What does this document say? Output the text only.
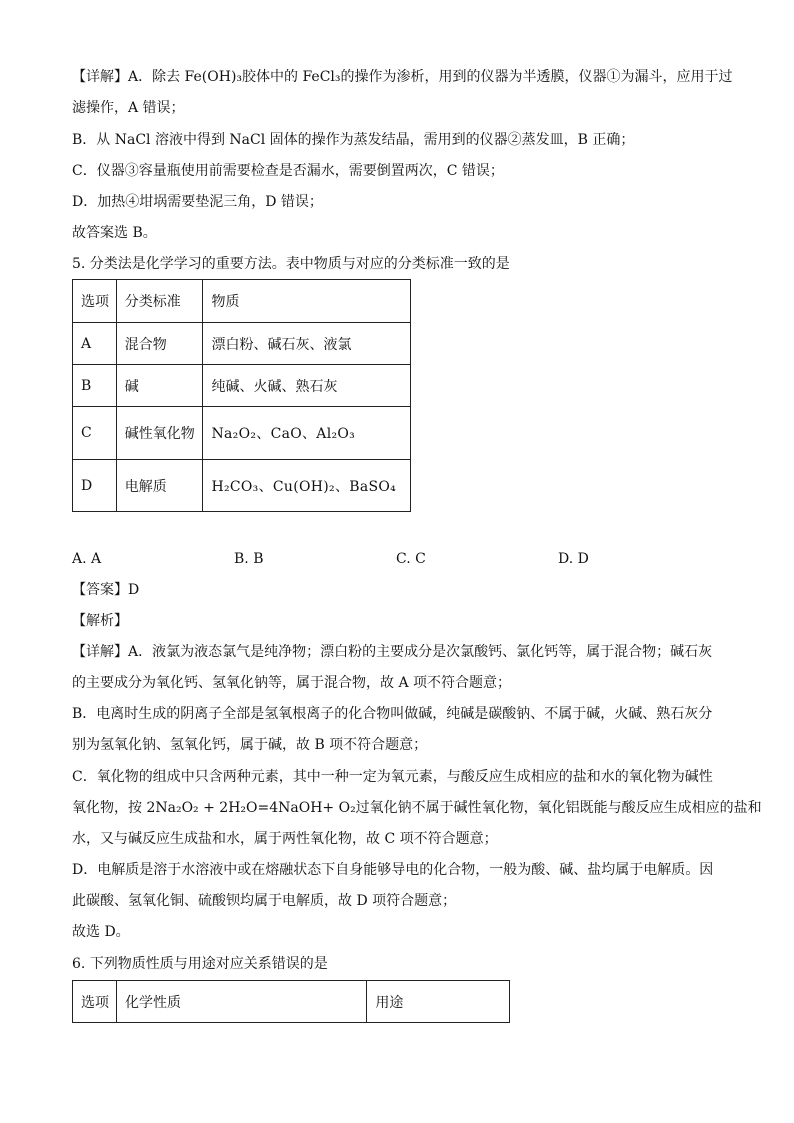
【详解】A．除去 Fe(OH)₃胶体中的 FeCl₃的操作为渗析，用到的仪器为半透膜，仪器①为漏斗，应用于过
滤操作，A 错误；
B．从 NaCl 溶液中得到 NaCl 固体的操作为蒸发结晶，需用到的仪器②蒸发皿，B 正确；
C．仪器③容量瓶使用前需要检查是否漏水，需要倒置两次，C 错误；
D．加热④坩埚需要垫泥三角，D 错误；
故答案选 B。
5. 分类法是化学学习的重要方法。表中物质与对应的分类标准一致的是
选项	分类标准	物质
A	混合物	漂白粉、碱石灰、液氯
B	碱	纯碱、火碱、熟石灰
C	碱性氧化物	Na₂O₂、CaO、Al₂O₃
D	电解质	H₂CO₃、Cu(OH)₂、BaSO₄
A. A	B. B	C. C	D. D
【答案】D
【解析】
【详解】A．液氯为液态氯气是纯净物；漂白粉的主要成分是次氯酸钙、氯化钙等，属于混合物；碱石灰
的主要成分为氧化钙、氢氧化钠等，属于混合物，故 A 项不符合题意；
B．电离时生成的阴离子全部是氢氧根离子的化合物叫做碱，纯碱是碳酸钠、不属于碱，火碱、熟石灰分
别为氢氧化钠、氢氧化钙，属于碱，故 B 项不符合题意；
C．氧化物的组成中只含两种元素，其中一种一定为氧元素，与酸反应生成相应的盐和水的氧化物为碱性
氧化物，按 2Na₂O₂ + 2H₂O=4NaOH+ O₂过氧化钠不属于碱性氧化物，氧化铝既能与酸反应生成相应的盐和
水，又与碱反应生成盐和水，属于两性氧化物，故 C 项不符合题意；
D．电解质是溶于水溶液中或在熔融状态下自身能够导电的化合物，一般为酸、碱、盐均属于电解质。因
此碳酸、氢氧化铜、硫酸钡均属于电解质，故 D 项符合题意；
故选 D。
6. 下列物质性质与用途对应关系错误的是
选项	化学性质	用途
